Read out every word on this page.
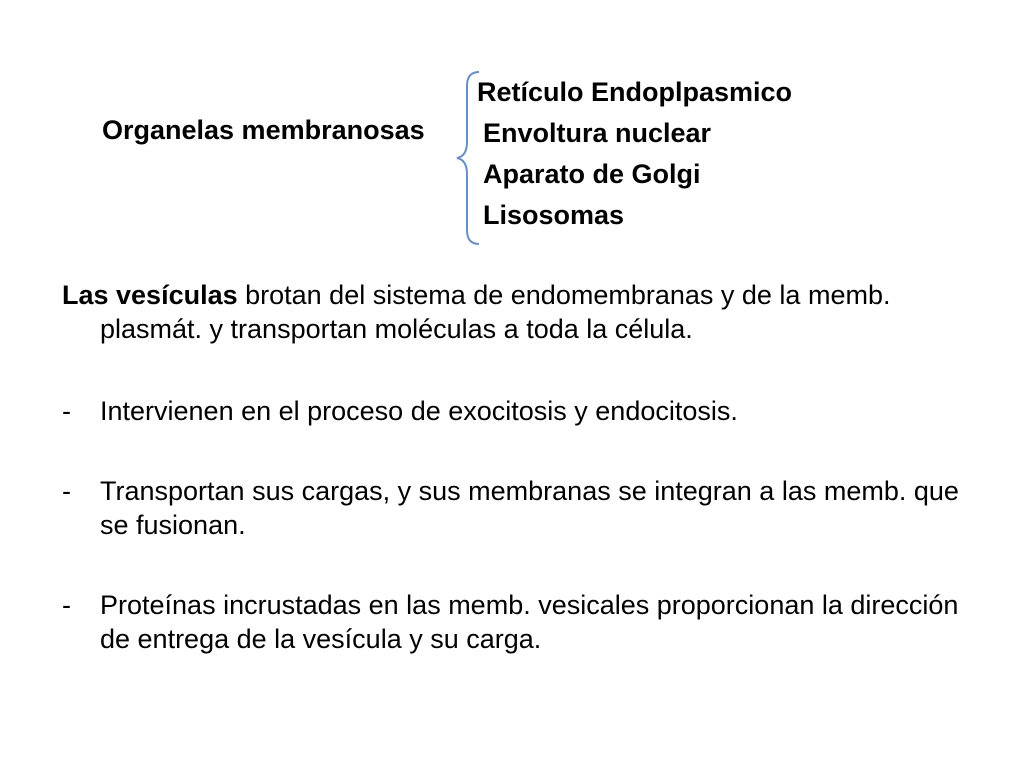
Organelas membranosas
Retículo Endoplpasmico
Envoltura nuclear
Aparato de Golgi
Lisosomas

Las vesículas brotan del sistema de endomembranas y de la memb. plasmát. y transportan moléculas a toda la célula.

-	Intervienen en el proceso de exocitosis y endocitosis.
-	Transportan sus cargas, y sus membranas se integran a las memb. que se fusionan.
-	Proteínas incrustadas en las memb. vesicales proporcionan la dirección de entrega de la vesícula y su carga.
